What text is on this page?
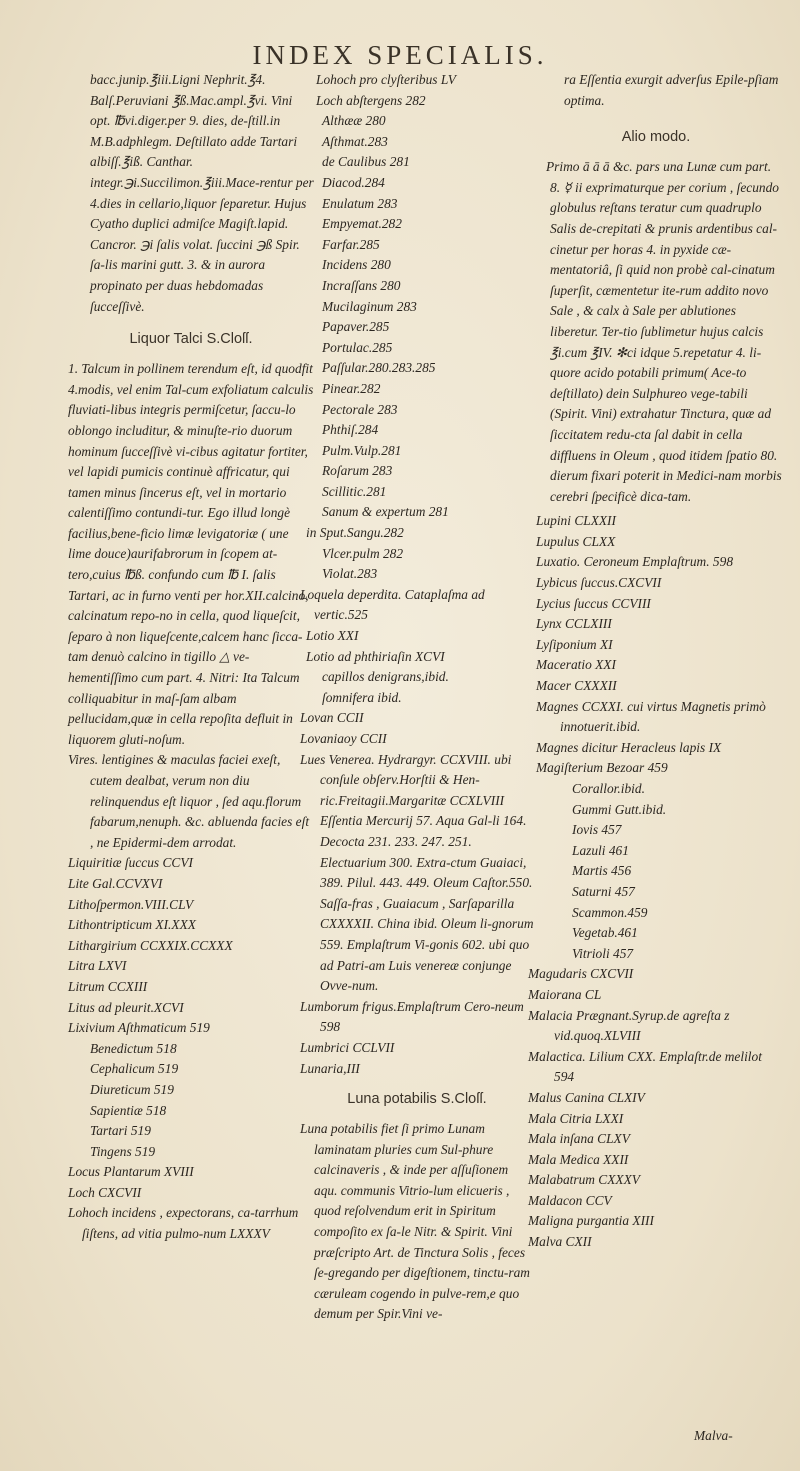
INDEX SPECIALIS.

bacc.junip.℥iii.Ligni Nephrit.℥4. Balſ.Peruviani ℥ß.Mac.ampl.℥vi. Vini opt. ℔vi.diger.per 9. dies, de-ſtill.in M.B.adphlegm. Deſtillato adde Tartari albiſſ.℥iß. Canthar. integr.℈i.Succilimon.℥iii.Mace-rentur per 4.dies in cellario,liquor ſeparetur. Hujus Cyatho duplici admiſce Magiſt.lapid. Cancror. ℈i ſalis volat. ſuccini ℈ß Spir. ſa-lis marini gutt. 3. & in aurora propinato per duas hebdomadas ſucceſſivè.

Liquor Talci S.Cloſſ.

1. Talcum in pollinem terendum eſt, id quodfit 4.modis, vel enim Tal-cum exfoliatum calculis fluviati-libus integris permiſcetur, ſaccu-lo oblongo includitur, & minuſte-rio duorum hominum ſucceſſivè vi-cibus agitatur fortiter, vel lapidi pumicis continuè affricatur, qui tamen minus ſincerus eſt, vel in mortario calentiſſimo contundi-tur. Ego illud longè facilius,bene-ficio limæ levigatoriæ ( une lime douce)aurifabrorum in ſcopem at-tero,cuius ℔ß. confundo cum ℔ I. ſalis Tartari, ac in furno venti per hor.XII.calcino, calcinatum repo-no in cella, quod liqueſcit, ſeparo à non liqueſcente,calcem hanc ſicca-tam denuò calcino in tigillo △ ve-hementiſſimo cum part. 4. Nitri: Ita Talcum colliquabitur in maſ-ſam albam pellucidam,quæ in cella repoſita defluit in liquorem gluti-noſum.

Vires. lentigines & maculas faciei exeſt, cutem dealbat, verum non diu relinquendus eſt liquor , ſed aqu.florum fabarum,nenuph. &c. abluenda facies eſt , ne Epidermi-dem arrodat.

Liquiritiæ ſuccus CCVI

Lite Gal.CCVXVI

Lithoſpermon.VIII.CLV

Lithontripticum XI.XXX

Lithargirium CCXXIX.CCXXX

Litra LXVI

Litrum CCXIII

Litus ad pleurit.XCVI

Lixivium Aſthmaticum 519

Benedictum 518

Cephalicum 519

Diureticum 519

Sapientiæ 518

Tartari 519

Tingens 519

Locus Plantarum XVIII

Loch CXCVII

Lohoch incidens , expectorans, ca-tarrhum ſiſtens, ad vitia pulmo-num LXXXV

Lohoch pro clyſteribus LV

Loch abſtergens 282

Althææ 280

Aſthmat.283

de Caulibus 281

Diacod.284

Enulatum 283

Empyemat.282

Farfar.285

Incidens 280

Incraſſans 280

Mucilaginum 283

Papaver.285

Portulac.285

Paſſular.280.283.285

Pinear.282

Pectorale 283

Phthiſ.284

Pulm.Vulp.281

Roſarum 283

Scillitic.281

Sanum & expertum 281

in Sput.Sangu.282

Vlcer.pulm 282

Violat.283

Loquela deperdita. Cataplaſma ad vertic.525

Lotio XXI

Lotio ad phthiriaſin XCVI

capillos denigrans,ibid.

ſomnifera ibid.

Lovan CCII

Lovaniaoy CCII

Lues Venerea. Hydrargyr. CCXVIII. ubi conſule obſerv.Horſtii & Hen-ric.Freitagii.Margaritæ CCXLVIII Eſſentia Mercurij 57. Aqua Gal-li 164. Decocta 231. 233. 247. 251. Electuarium 300. Extra-ctum Guaiaci, 389. Pilul. 443. 449. Oleum Caſtor.550. Saſſa-fras , Guaiacum , Sarſaparilla CXXXXII. China ibid. Oleum li-gnorum 559. Emplaſtrum Vi-gonis 602. ubi quo ad Patri-am Luis venereæ conjunge Ovve-num.

Lumborum frigus.Emplaſtrum Cero-neum 598

Lumbrici CCLVII

Lunaria,III

Luna potabilis S.Cloſſ.

Luna potabilis fiet ſi primo Lunam laminatam pluries cum Sul-phure calcinaveris , & inde per aſſuſionem aqu. communis Vitrio-lum elicueris , quod reſolvendum erit in Spiritum compoſito ex ſa-le Nitr. & Spirit. Vini præſcripto Art. de Tinctura Solis , feces ſe-gregando per digeſtionem, tinctu-ram cæruleam cogendo in pulve-rem,e quo demum per Spir.Vini ve-

ra Eſſentia exurgit adverſus Epile-pſiam optima.

Alio modo.

Primo ā ā ā &c. pars una Lunæ cum part. 8. ☿ ii exprimaturque per corium , ſecundo globulus reſtans teratur cum quadruplo Salis de-crepitati & prunis ardentibus cal-cinetur per horas 4. in pyxide cæ-mentatoriâ, ſi quid non probè cal-cinatum ſuperſit, cæmentetur ite-rum addito novo Sale , & calx à Sale per ablutiones liberetur. Ter-tio ſublimetur hujus calcis ℥i.cum ℥IV. ✻ci idque 5.repetatur 4. li-quore acido potabili primum( Ace-to deſtillato) dein Sulphureo vege-tabili (Spirit. Vini) extrahatur Tinctura, quæ ad ſiccitatem redu-cta ſal dabit in cella diffluens in Oleum , quod itidem ſpatio 80. dierum fixari poterit in Medici-nam morbis cerebri ſpecificè dica-tam.

Lupini CLXXII

Lupulus CLXX

Luxatio. Ceroneum Emplaſtrum. 598

Lybicus ſuccus.CXCVII

Lycius ſuccus CCVIII

Lynx CCLXIII

Lyſiponium XI

Maceratio XXI

Macer CXXXII

Magnes CCXXI. cui virtus Magnetis primò innotuerit.ibid.

Magnes dicitur Heracleus lapis IX

Magiſterium Bezoar 459

Corallor.ibid.

Gummi Gutt.ibid.

Iovis 457

Lazuli 461

Martis 456

Saturni 457

Scammon.459

Vegetab.461

Vitrioli 457

Magudaris CXCVII

Maiorana CL

Malacia Prægnant.Syrup.de agreſta z vid.quoq.XLVIII

Malactica. Lilium CXX. Emplaſtr.de melilot 594

Malus Canina CLXIV

Mala Citria LXXI

Mala inſana CLXV

Mala Medica XXII

Malabatrum CXXXV

Maldacon CCV

Maligna purgantia XIII

Malva CXII

Malva-
